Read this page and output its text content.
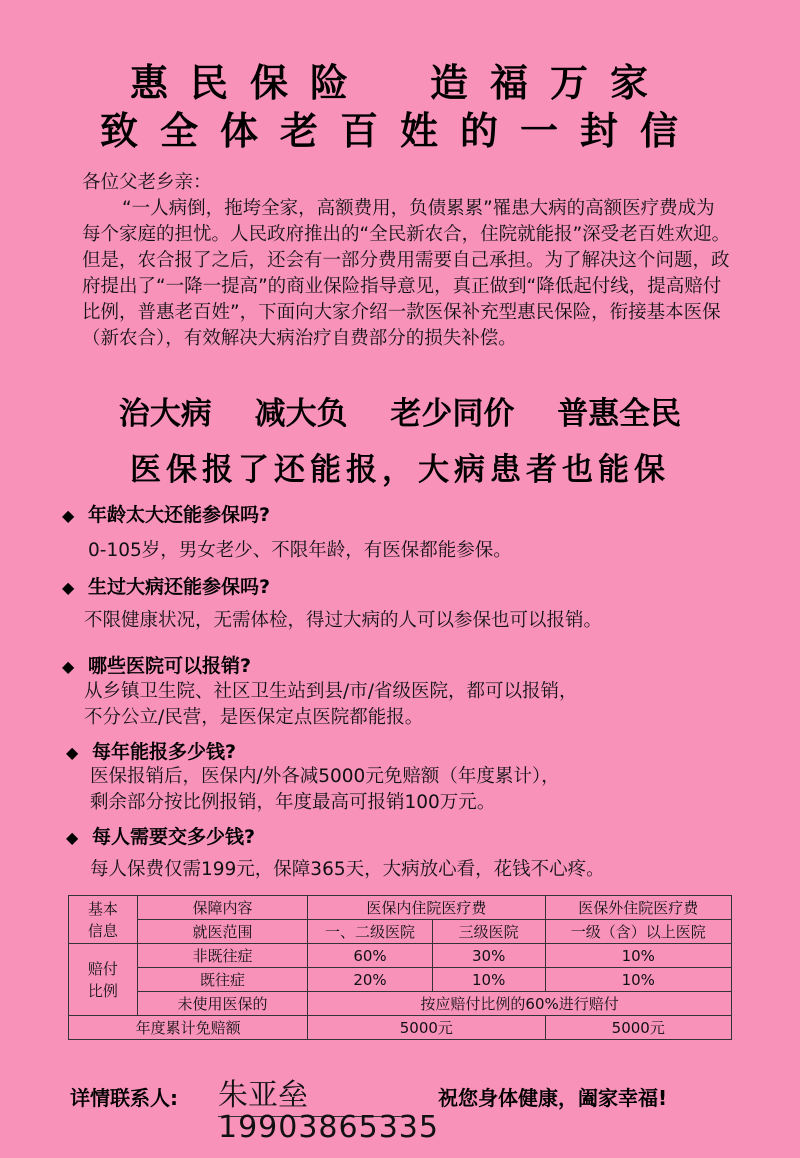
惠民保险　造福万家
致全体老百姓的一封信

各位父老乡亲：

“一人病倒，拖垮全家，高额费用，负债累累”罹患大病的高额医疗费成为每个家庭的担忧。人民政府推出的“全民新农合，住院就能报”深受老百姓欢迎。但是，农合报了之后，还会有一部分费用需要自己承担。为了解决这个问题，政府提出了“一降一提高”的商业保险指导意见，真正做到“降低起付线，提高赔付比例，普惠老百姓”，下面向大家介绍一款医保补充型惠民保险，衔接基本医保（新农合），有效解决大病治疗自费部分的损失补偿。

治大病 减大负 老少同价 普惠全民
医保报了还能报，大病患者也能保
◆ 年龄太大还能参保吗?
0-105岁，男女老少、不限年龄，有医保都能参保。
◆ 生过大病还能参保吗?
不限健康状况，无需体检，得过大病的人可以参保也可以报销。
◆ 哪些医院可以报销?
从乡镇卫生院、社区卫生站到县/市/省级医院，都可以报销，
不分公立/民营，是医保定点医院都能报。
◆ 每年能报多少钱?
医保报销后，医保内/外各减5000元免赔额（年度累计），
剩余部分按比例报销，年度最高可报销100万元。
◆ 每人需要交多少钱?
每人保费仅需199元，保障365天，大病放心看，花钱不心疼。
基本
信息	保障内容	医保内住院医疗费		医保外住院医疗费
	就医范围	一、二级医院	三级医院	一级（含）以上医院
赔付
比例	非既往症	60%	30%	10%
	既往症	20%	10%	10%
	未使用医保的	按应赔付比例的60%进行赔付		
年度累计免赔额		5000元		5000元
详情联系人: 朱亚垒
19903865335
祝您身体健康，阖家幸福!
